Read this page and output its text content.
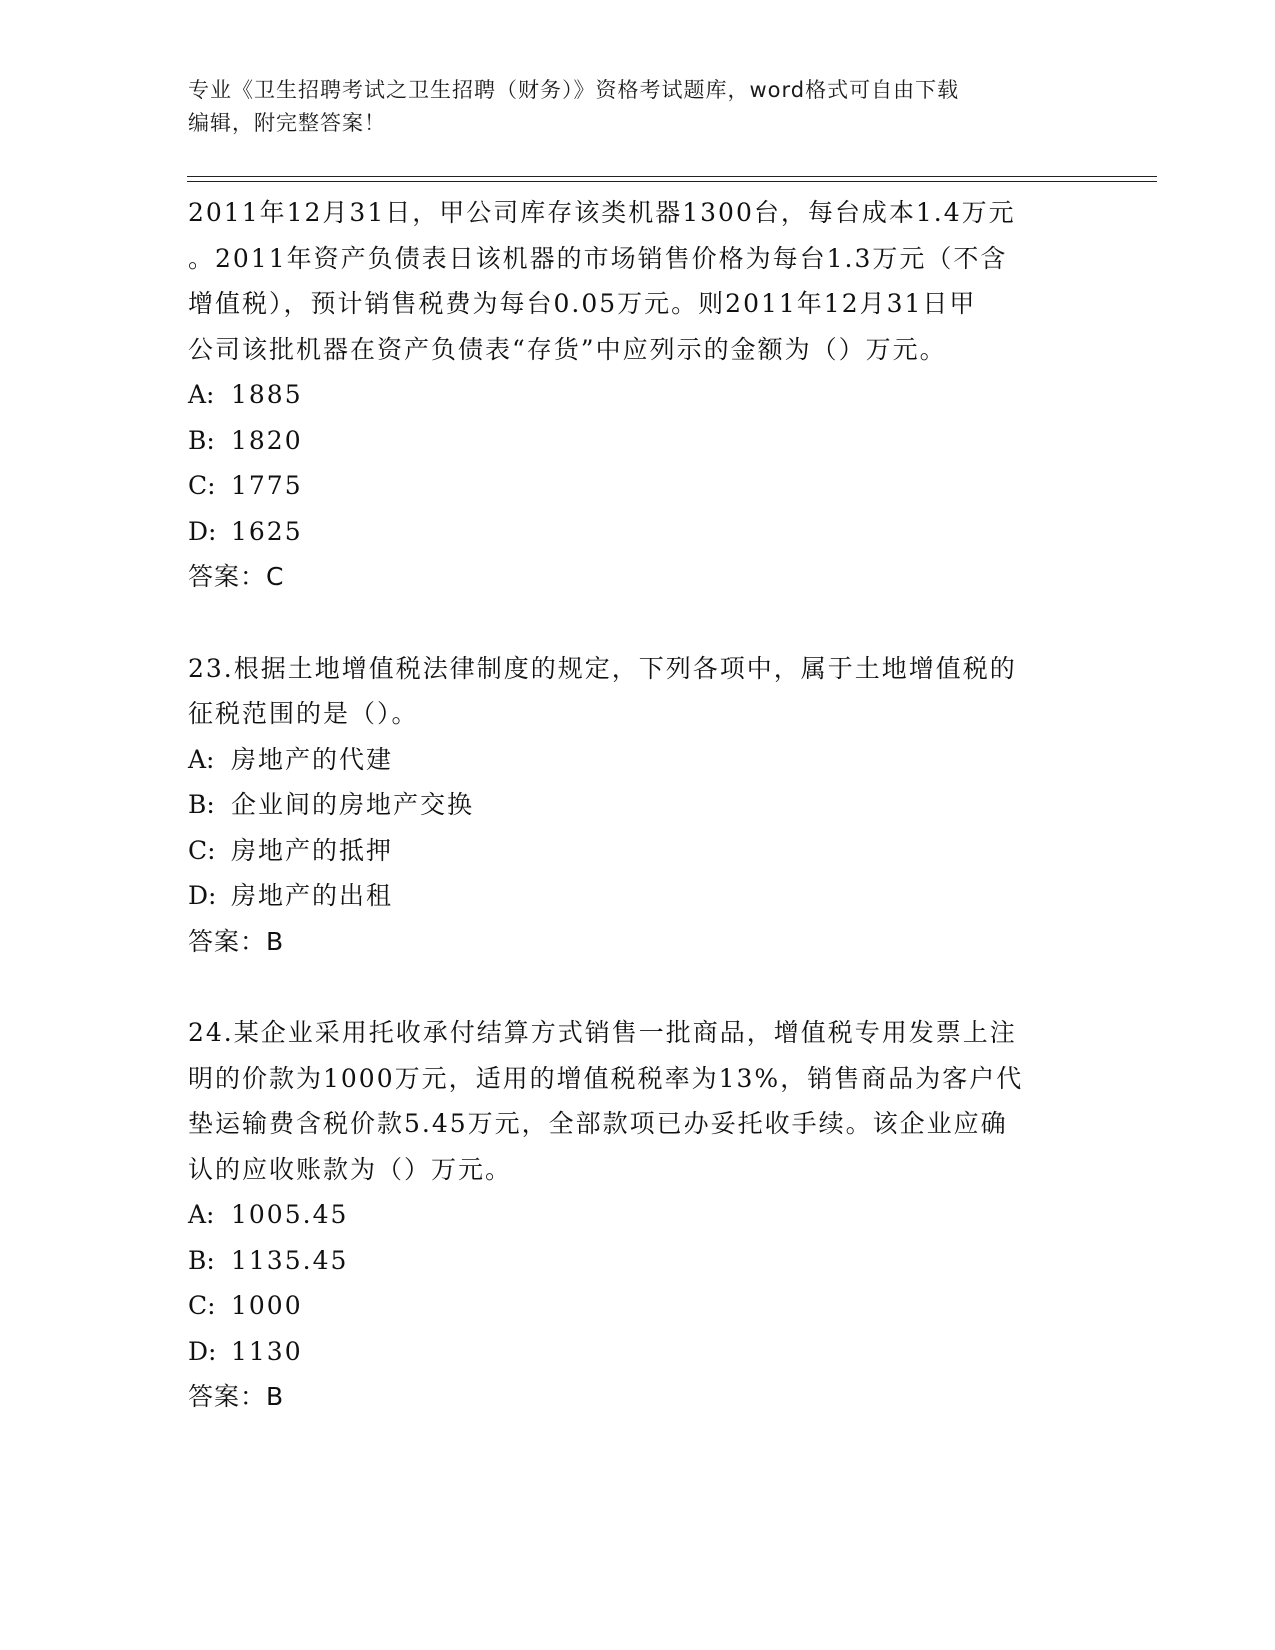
专业《卫生招聘考试之卫生招聘（财务）》资格考试题库，word格式可自由下载
编辑，附完整答案！

2011年12月31日，甲公司库存该类机器1300台，每台成本1.4万元

。2011年资产负债表日该机器的市场销售价格为每台1.3万元（不含

增值税），预计销售税费为每台0.05万元。则2011年12月31日甲

公司该批机器在资产负债表“存货”中应列示的金额为（）万元。

A: 1885

B: 1820

C: 1775

D: 1625

答案：C

23.根据土地增值税法律制度的规定，下列各项中，属于土地增值税的

征税范围的是（）。

A: 房地产的代建

B: 企业间的房地产交换

C: 房地产的抵押

D: 房地产的出租

答案：B

24.某企业采用托收承付结算方式销售一批商品，增值税专用发票上注

明的价款为1000万元，适用的增值税税率为13%，销售商品为客户代

垫运输费含税价款5.45万元，全部款项已办妥托收手续。该企业应确

认的应收账款为（）万元。

A: 1005.45

B: 1135.45

C: 1000

D: 1130

答案：B
